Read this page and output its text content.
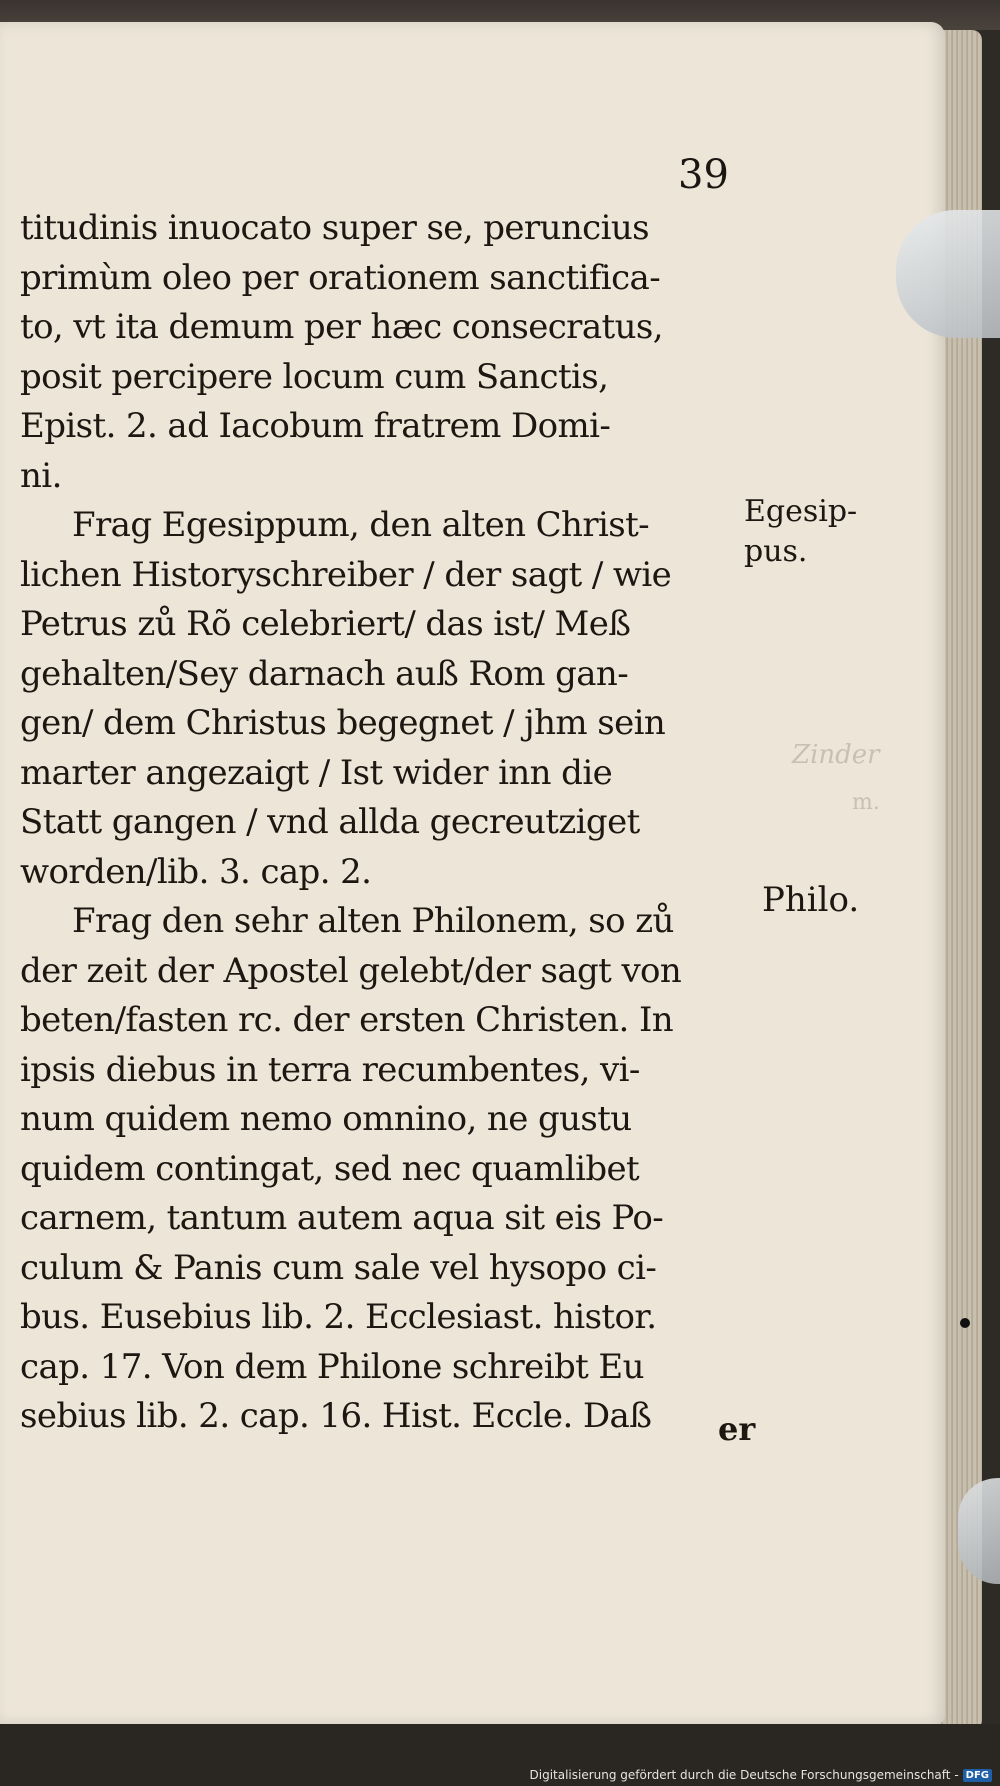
39
Zinder
m.
titudinis inuocato super se, peruncius
primùm oleo per orationem sanctifica-
to, vt ita demum per hæc consecratus,
posit percipere locum cum Sanctis,
Epist. 2. ad Iacobum fratrem Domi-
ni.
Frag Egesippum, den alten Christ-
lichen Historyschreiber / der sagt / wie
Petrus zů Rõ celebriert/ das ist/ Meß
gehalten/Sey darnach auß Rom gan-
gen/ dem Christus begegnet / jhm sein
marter angezaigt / Ist wider inn die
Statt gangen / vnd allda gecreutziget
worden/lib. 3. cap. 2.
Frag den sehr alten Philonem, so zů
der zeit der Apostel gelebt/der sagt von
beten/fasten rc. der ersten Christen. In
ipsis diebus in terra recumbentes, vi-
num quidem nemo omnino, ne gustu
quidem contingat, sed nec quamlibet
carnem, tantum autem aqua sit eis Po-
culum & Panis cum sale vel hysopo ci-
bus. Eusebius lib. 2. Ecclesiast. histor.
cap. 17. Von dem Philone schreibt Eu
sebius lib. 2. cap. 16. Hist. Eccle. Daß	er
Egesip-
pus.
Philo.
Digitalisierung gefördert durch die Deutsche Forschungsgemeinschaft - DFG
